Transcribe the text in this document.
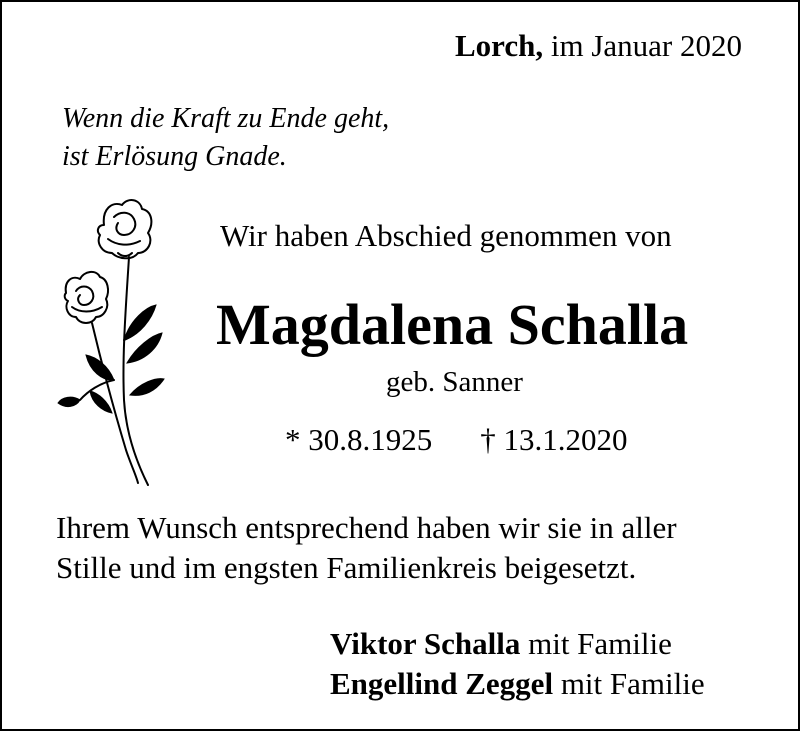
Lorch, im Januar 2020
Wenn die Kraft zu Ende geht,
ist Erlösung Gnade.
Wir haben Abschied genommen von
Magdalena Schalla
geb. Sanner
* 30.8.1925 † 13.1.2020
Ihrem Wunsch entsprechend haben wir sie in aller
Stille und im engsten Familienkreis beigesetzt.
Viktor Schalla mit Familie
Engellind Zeggel mit Familie
